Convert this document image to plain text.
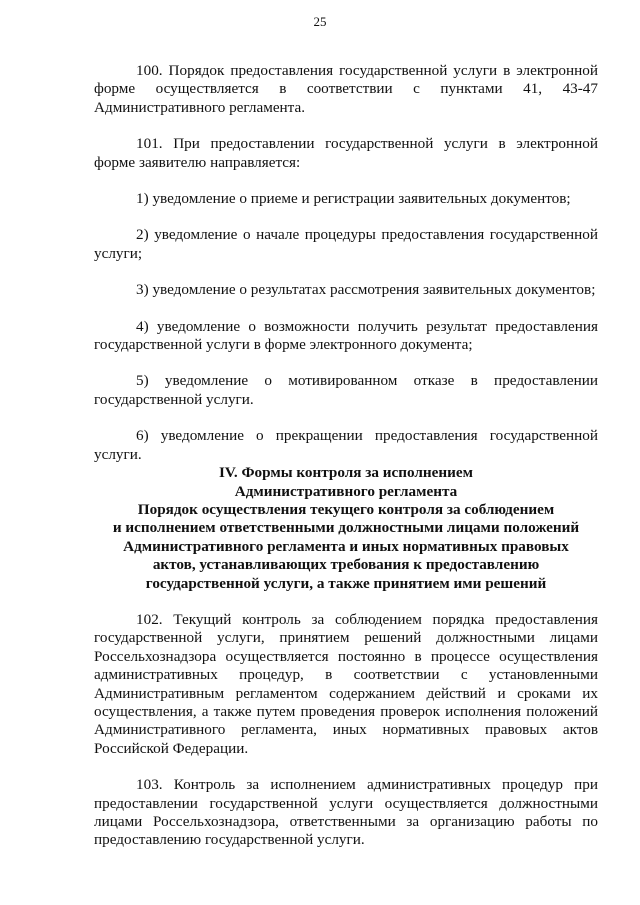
25

100. Порядок предоставления государственной услуги в электронной форме осуществляется в соответствии с пунктами 41, 43-47 Административного регламента.

101. При предоставлении государственной услуги в электронной форме заявителю направляется:

1) уведомление о приеме и регистрации заявительных документов;

2) уведомление о начале процедуры предоставления государственной услуги;

3) уведомление о результатах рассмотрения заявительных документов;

4) уведомление о возможности получить результат предоставления государственной услуги в форме электронного документа;

5) уведомление о мотивированном отказе в предоставлении государственной услуги.

6) уведомление о прекращении предоставления государственной услуги.

IV. Формы контроля за исполнением
Административного регламента
Порядок осуществления текущего контроля за соблюдением
и исполнением ответственными должностными лицами положений
Административного регламента и иных нормативных правовых
актов, устанавливающих требования к предоставлению
государственной услуги, а также принятием ими решений

102. Текущий контроль за соблюдением порядка предоставления государственной услуги, принятием решений должностными лицами Россельхознадзора осуществляется постоянно в процессе осуществления административных процедур, в соответствии с установленными Административным регламентом содержанием действий и сроками их осуществления, а также путем проведения проверок исполнения положений Административного регламента, иных нормативных правовых актов Российской Федерации.

103. Контроль за исполнением административных процедур при предоставлении государственной услуги осуществляется должностными лицами Россельхознадзора, ответственными за организацию работы по предоставлению государственной услуги.
